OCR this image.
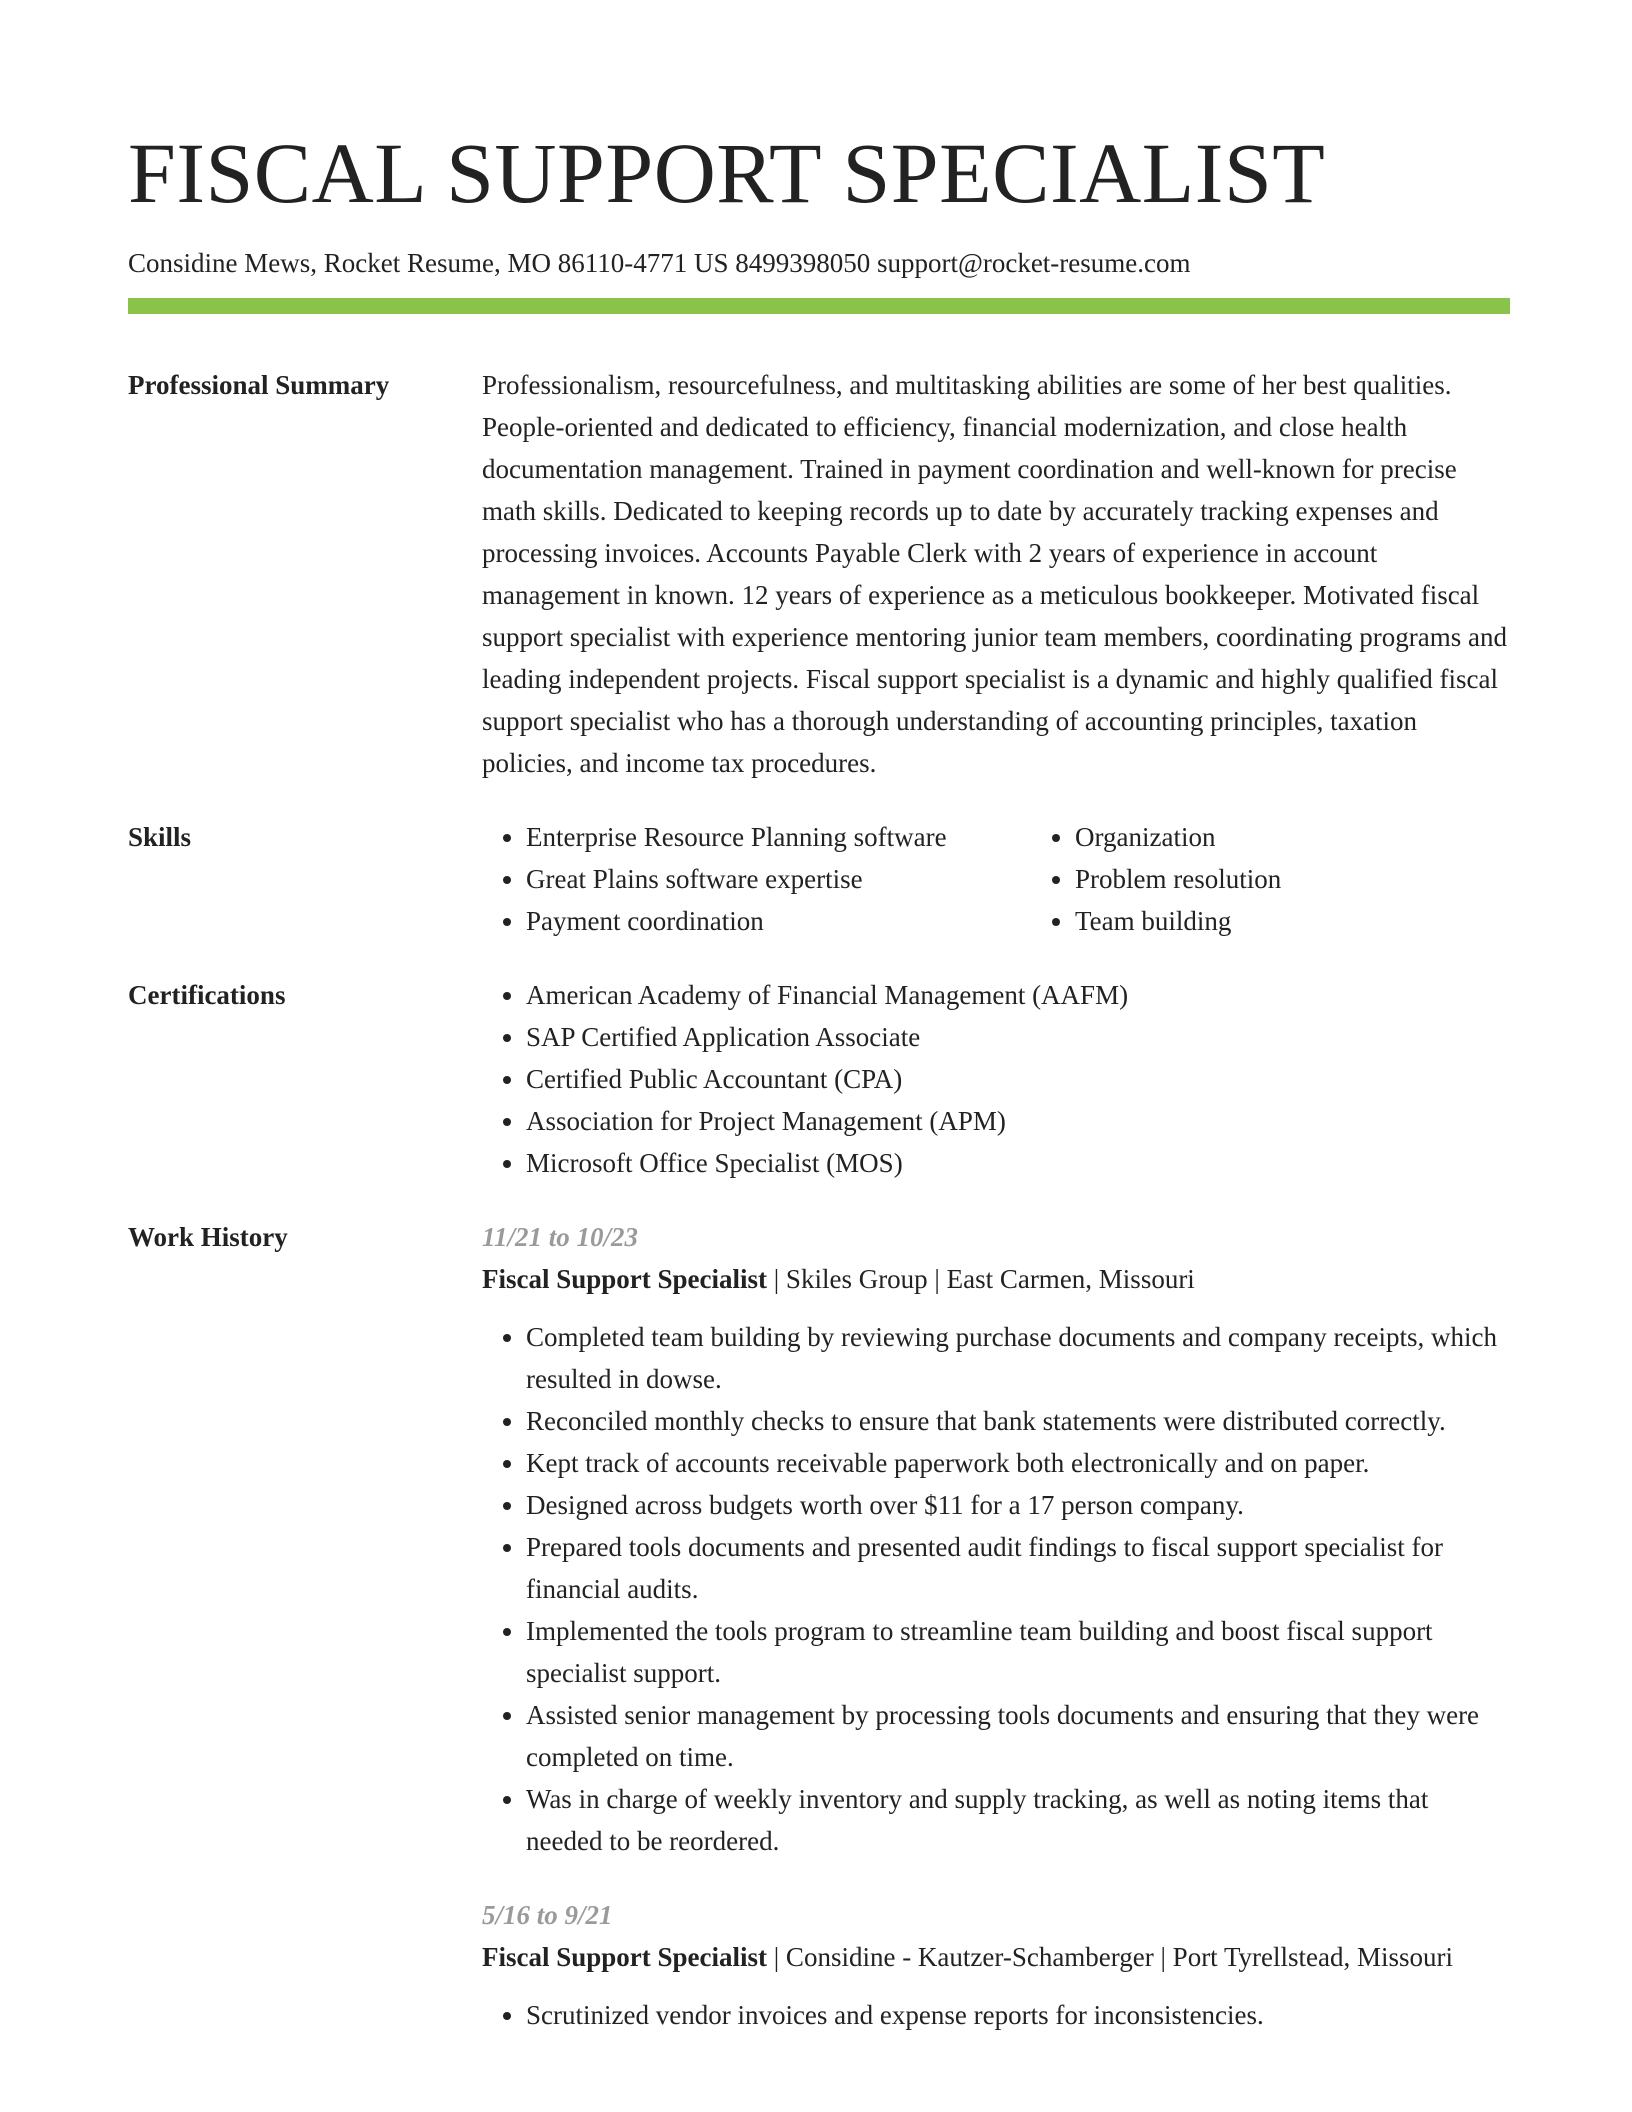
FISCAL SUPPORT SPECIALIST
Considine Mews, Rocket Resume, MO 86110-4771 US 8499398050 support@rocket-resume.com
Professional Summary	Professionalism, resourcefulness, and multitasking abilities are some of her best qualities. People-oriented and dedicated to efficiency, financial modernization, and close health documentation management. Trained in payment coordination and well-known for precise math skills. Dedicated to keeping records up to date by accurately tracking expenses and processing invoices. Accounts Payable Clerk with 2 years of experience in account management in known. 12 years of experience as a meticulous bookkeeper. Motivated fiscal support specialist with experience mentoring junior team members, coordinating programs and leading independent projects. Fiscal support specialist is a dynamic and highly qualified fiscal support specialist who has a thorough understanding of accounting principles, taxation policies, and income tax procedures.

Skills	• Enterprise Resource Planning software
• Great Plains software expertise
• Payment coordination
• Organization
• Problem resolution
• Team building
Certifications	• American Academy of Financial Management (AAFM)
• SAP Certified Application Associate
• Certified Public Accountant (CPA)
• Association for Project Management (APM)
• Microsoft Office Specialist (MOS)
Work History	11/21 to 10/23
Fiscal Support Specialist | Skiles Group | East Carmen, Missouri
• Completed team building by reviewing purchase documents and company receipts, which resulted in dowse.
• Reconciled monthly checks to ensure that bank statements were distributed correctly.
• Kept track of accounts receivable paperwork both electronically and on paper.
• Designed across budgets worth over $11 for a 17 person company.
• Prepared tools documents and presented audit findings to fiscal support specialist for financial audits.
• Implemented the tools program to streamline team building and boost fiscal support specialist support.
• Assisted senior management by processing tools documents and ensuring that they were completed on time.
• Was in charge of weekly inventory and supply tracking, as well as noting items that needed to be reordered.
5/16 to 9/21
Fiscal Support Specialist | Considine - Kautzer-Schamberger | Port Tyrellstead, Missouri
• Scrutinized vendor invoices and expense reports for inconsistencies.
